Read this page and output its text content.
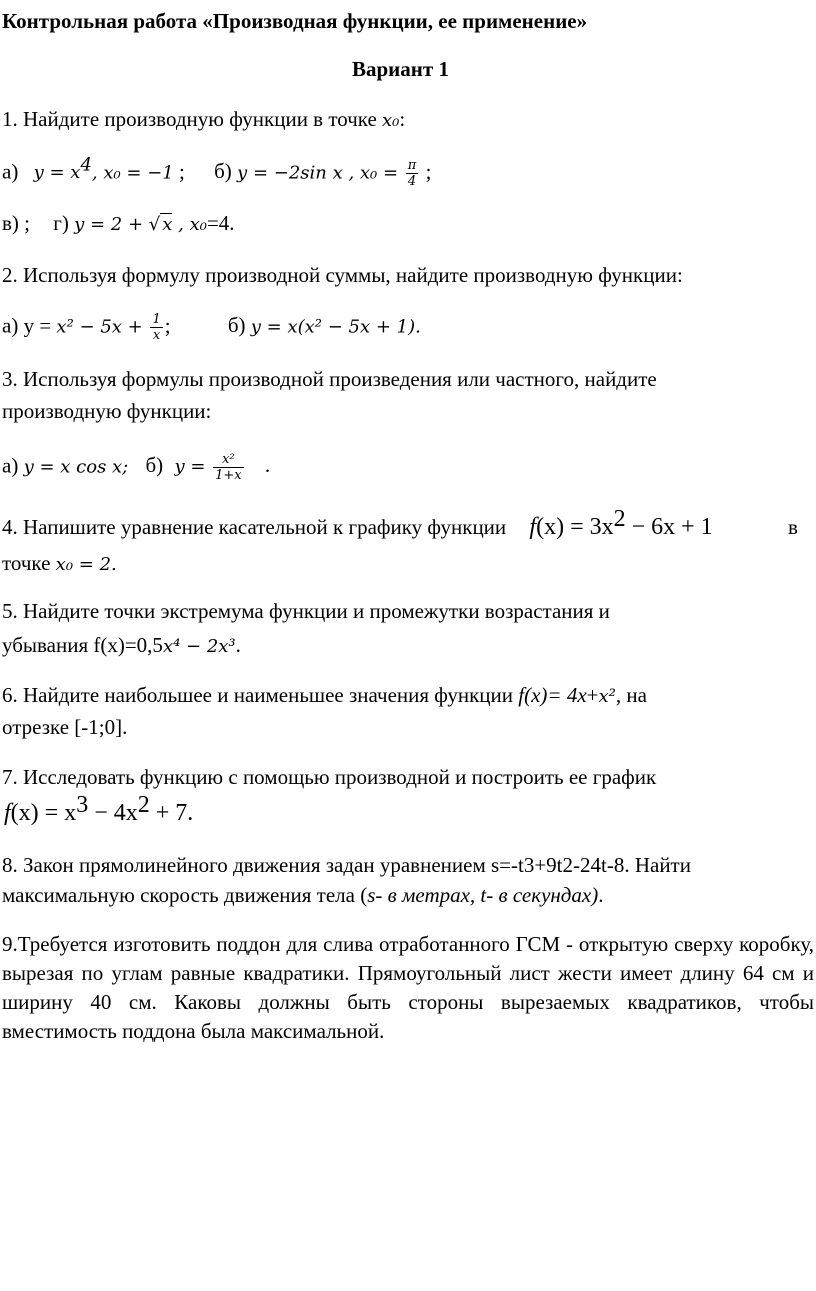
Контрольная работа «Производная функции, ее применение»
Вариант 1
1. Найдите производную функции в точке x₀:
а) $y = x^4$, x₀ = −1 ; б) y = −2sin x , $x_0 = \frac{\pi}{4}$ ;
в) ; г) y = 2 + √ x , x₀=4.
2. Используя формулу производной суммы, найдите производную функции:
а) $y = x^2 - 5x + \frac{1}{x}$ ;	б) y = x(x² − 5x + 1).
3. Используя формулы производной произведения или частного, найдите
производную функции:
а) y = x cos x; б) $y = \frac{\text{x²}}{1+x}$ .
4. Напишите уравнение касательной к графику функции $f(x) = 3x^2 - 6x + 1$	в
точке x₀ = 2.
5. Найдите точки экстремума функции и промежутки возрастания и
убывания f(x)=0,5x⁴ − 2x³.
6. Найдите наибольшее и наименьшее значения функции f(x)= 4x+x², на
отрезке [-1;0].
7. Исследовать функцию с помощью производной и построить ее график
$f(x) = x^3 - 4x^2 + 7$.
8. Закон прямолинейного движения задан уравнением s=-t3+9t2-24t-8. Найти
максимальную скорость движения тела (s- в метрах, t- в секундах).
9.Требуется изготовить поддон для слива отработанного ГСМ - открытую сверху коробку, вырезая по углам равные квадратики. Прямоугольный лист жести имеет длину 64 см и ширину 40 см. Каковы должны быть стороны вырезаемых квадратиков, чтобы вместимость поддона была максимальной.
